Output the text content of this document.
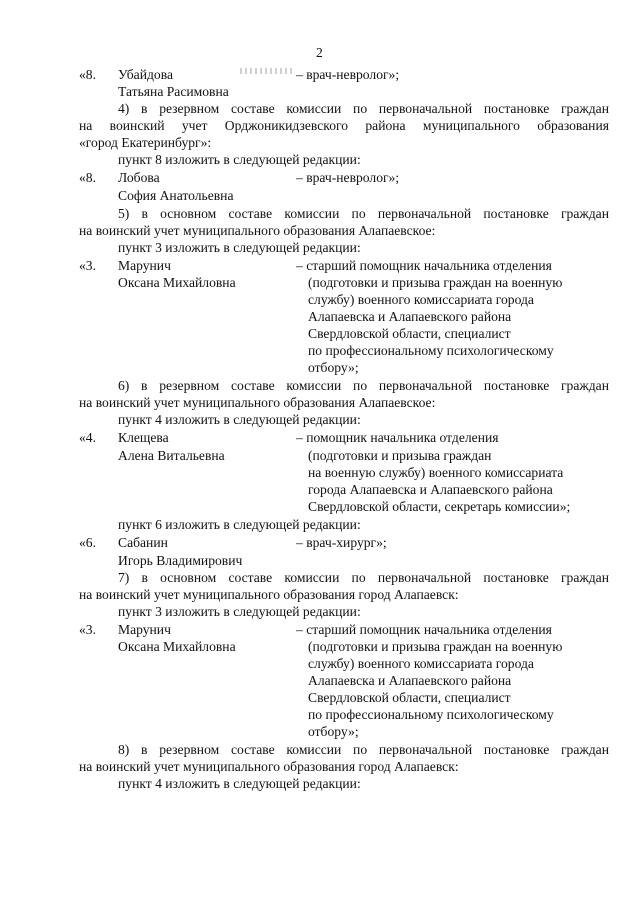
2
«8. Убайдова	– врач-невролог»;
Татьяна Расимовна
4) в резервном составе комиссии по первоначальной постановке граждан
на воинский учет Орджоникидзевского района муниципального образования
«город Екатеринбург»:
пункт 8 изложить в следующей редакции:
«8. Лобова	– врач-невролог»;
София Анатольевна
5) в основном составе комиссии по первоначальной постановке граждан
на воинский учет муниципального образования Алапаевское:
пункт 3 изложить в следующей редакции:
«3. Марунич	– старший помощник начальника отделения
Оксана Михайловна	(подготовки и призыва граждан на военную
службу) военного комиссариата города
Алапаевска и Алапаевского района
Свердловской области, специалист
по профессиональному психологическому
отбору»;
6) в резервном составе комиссии по первоначальной постановке граждан
на воинский учет муниципального образования Алапаевское:
пункт 4 изложить в следующей редакции:
«4. Клещева	– помощник начальника отделения
Алена Витальевна	(подготовки и призыва граждан
на военную службу) военного комиссариата
города Алапаевска и Алапаевского района
Свердловской области, секретарь комиссии»;
пункт 6 изложить в следующей редакции:
«6. Сабанин	– врач-хирург»;
Игорь Владимирович
7) в основном составе комиссии по первоначальной постановке граждан
на воинский учет муниципального образования город Алапаевск:
пункт 3 изложить в следующей редакции:
«3. Марунич	– старший помощник начальника отделения
Оксана Михайловна	(подготовки и призыва граждан на военную
службу) военного комиссариата города
Алапаевска и Алапаевского района
Свердловской области, специалист
по профессиональному психологическому
отбору»;
8) в резервном составе комиссии по первоначальной постановке граждан
на воинский учет муниципального образования город Алапаевск:
пункт 4 изложить в следующей редакции:
